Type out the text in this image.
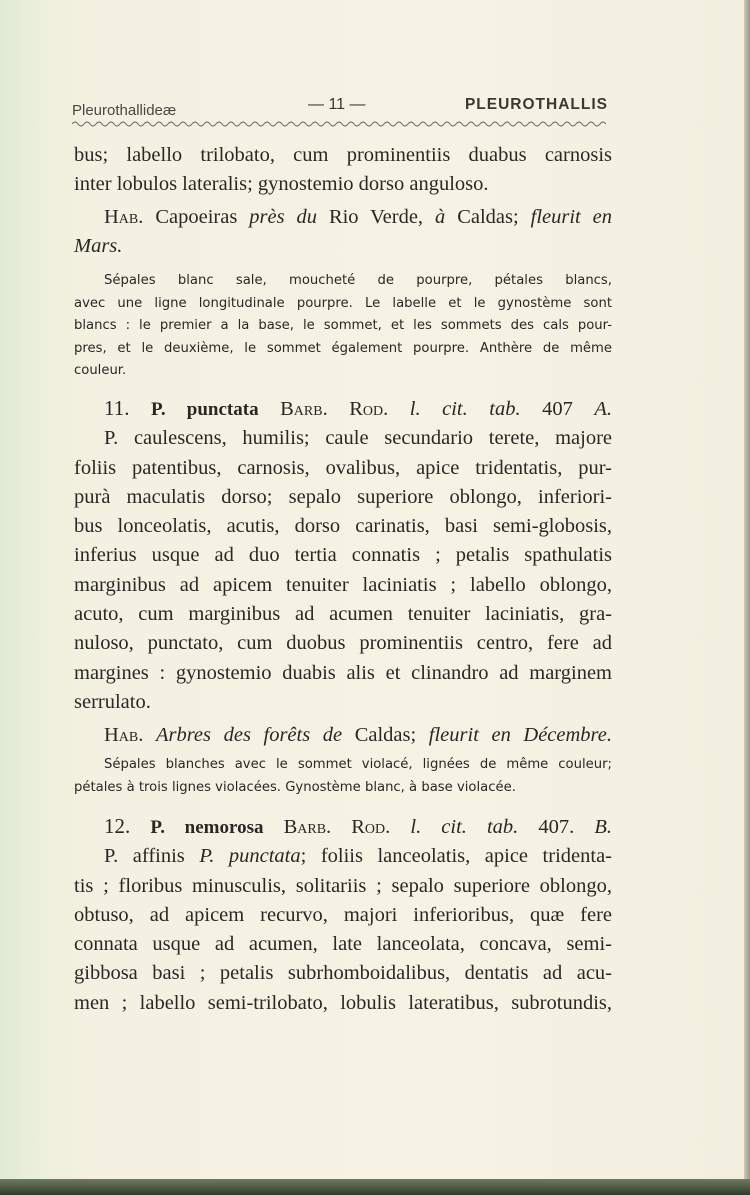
Pleurothallideæ	— 11 —	PLEUROTHALLIS
bus; labello trilobato, cum prominentiis duabus carnosis
inter lobulos lateralis; gynostemio dorso anguloso.
Hab. Capoeiras près du Rio Verde, à Caldas; fleurit en
Mars.
Sépales blanc sale, moucheté de pourpre, pétales blancs,
avec une ligne longitudinale pourpre. Le labelle et le gynostème sont
blancs : le premier a la base, le sommet, et les sommets des cals pour-
pres, et le deuxième, le sommet également pourpre. Anthère de même
couleur.
11. P. punctata Barb. Rod. l. cit. tab. 407 A.
P. caulescens, humilis; caule secundario terete, majore
foliis patentibus, carnosis, ovalibus, apice tridentatis, pur-
purà maculatis dorso; sepalo superiore oblongo, inferiori-
bus lonceolatis, acutis, dorso carinatis, basi semi-globosis,
inferius usque ad duo tertia connatis ; petalis spathulatis
marginibus ad apicem tenuiter laciniatis ; labello oblongo,
acuto, cum marginibus ad acumen tenuiter laciniatis, gra-
nuloso, punctato, cum duobus prominentiis centro, fere ad
margines : gynostemio duabis alis et clinandro ad marginem
serrulato.
Hab. Arbres des forêts de Caldas; fleurit en Décembre.
Sépales blanches avec le sommet violacé, lignées de même couleur;
pétales à trois lignes violacées. Gynostème blanc, à base violacée.
12. P. nemorosa Barb. Rod. l. cit. tab. 407. B.
P. affinis P. punctata; foliis lanceolatis, apice tridenta-
tis ; floribus minusculis, solitariis ; sepalo superiore oblongo,
obtuso, ad apicem recurvo, majori inferioribus, quæ fere
connata usque ad acumen, late lanceolata, concava, semi-
gibbosa basi ; petalis subrhomboidalibus, dentatis ad acu-
men ; labello semi-trilobato, lobulis lateratibus, subrotundis,
